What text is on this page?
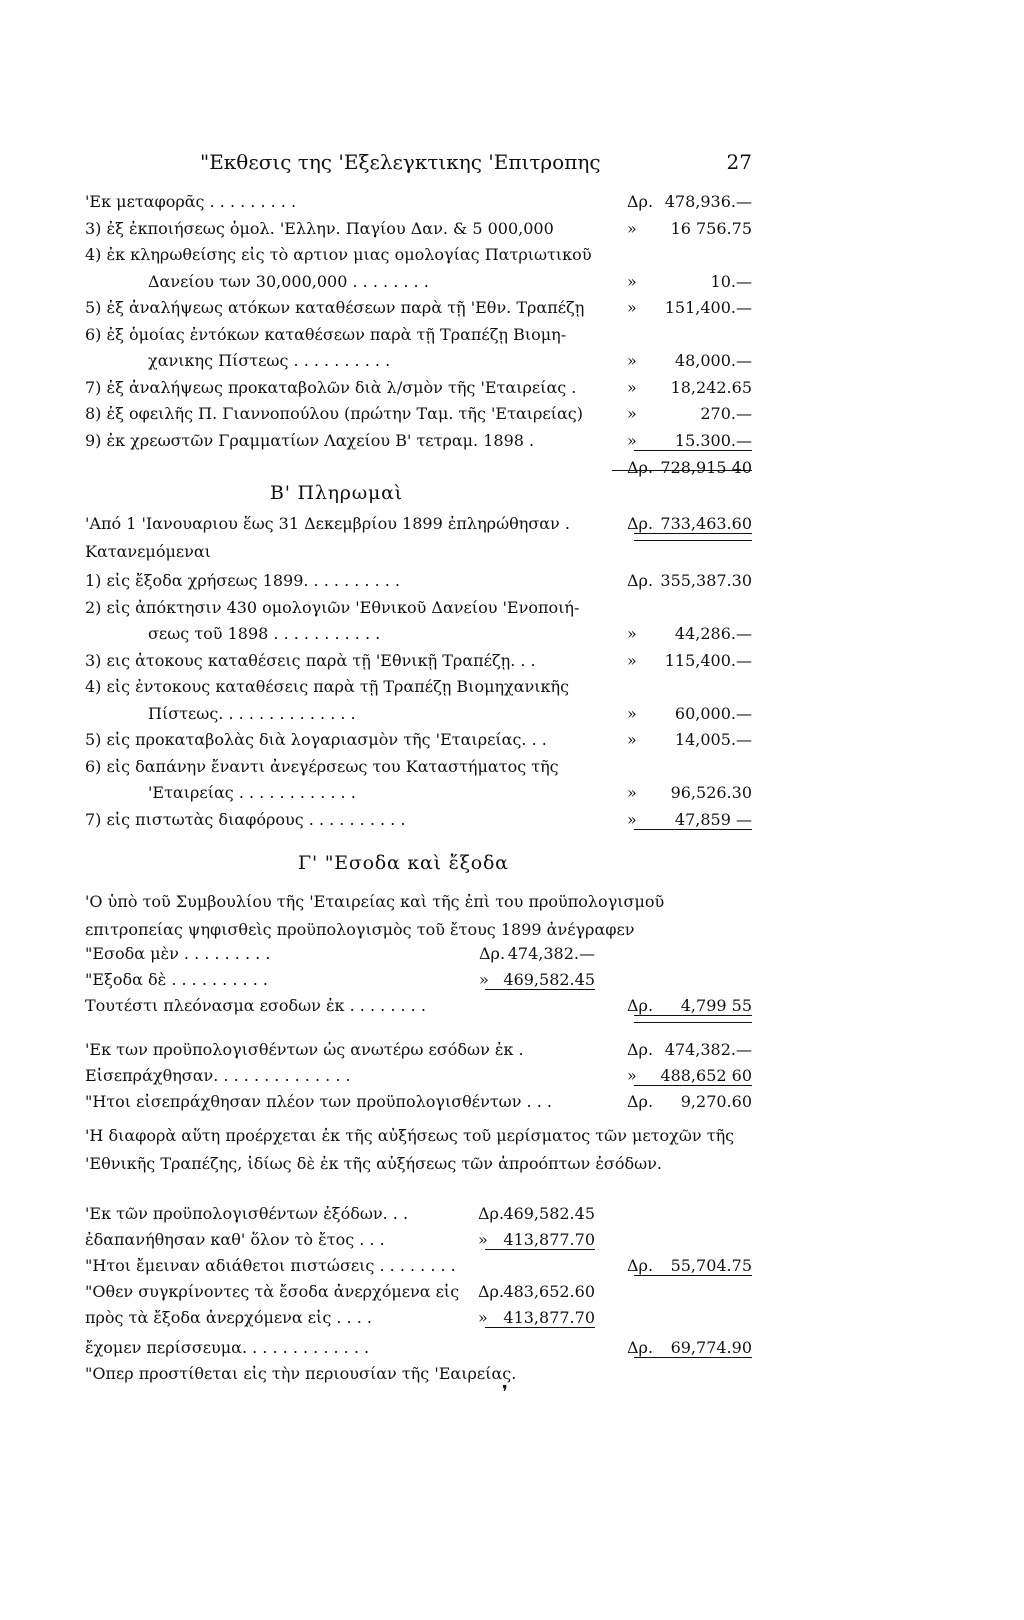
"Εκθεσις της 'Εξελεγκτικης 'Επιτροπης	27
'Εκ μεταφορᾶς . . . . . . . . .	Δρ. 478,936.—
3) ἐξ ἐκποιήσεως ὁμολ. 'Ελλην. Παγίου Δαν. & 5 000,000	»	16 756.75
4) ἐκ κληρωθείσης εἰς τὸ αρτιον μιας ομολογίας Πατριωτικοῦ
Δανείου των 30,000,000 . . . . . . . .	»	10.—
5) ἐξ ἀναλήψεως ατόκων καταθέσεων παρὰ τῇ 'Εθν. Τραπέζῃ	»	151,400.—
6) ἐξ ὁμοίας ἐντόκων καταθέσεων παρὰ τῇ Τραπέζῃ Βιομη-
χανικης Πίστεως . . . . . . . . . .	»	48,000.—
7) ἐξ ἀναλήψεως προκαταβολῶν διὰ λ/σμὸν τῆς 'Εταιρείας .	»	18,242.65
8) ἐξ οφειλῆς Π. Γιαννοπούλου (πρώτην Ταμ. τῆς 'Εταιρείας)	»	270.—
9) ἐκ χρεωστῶν Γραμματίων Λαχείου Β' τετραμ. 1898 .	»	15.300.—
Δρ. 728,915 40
Β' Πληρωμαὶ
'Από 1 'Ιανουαριου ἕως 31 Δεκεμβρίου 1899 ἐπληρώθησαν .	Δρ. 733,463.60
Κατανεμόμεναι
1) εἰς ἔξοδα χρήσεως 1899. . . . . . . . . .	Δρ. 355,387.30
2) εἰς ἀπόκτησιν 430 ομολογιῶν 'Εθνικοῦ Δανείου 'Ενοποιή-
σεως τοῦ 1898 . . . . . . . . . . .	»	44,286.—
3) εις ἀτοκους καταθέσεις παρὰ τῇ 'Εθνικῇ Τραπέζῃ. . .	»	115,400.—
4) εἰς ἐντοκους καταθέσεις παρὰ τῇ Τραπέζῃ Βιομηχανικῆς
Πίστεως. . . . . . . . . . . . . .	»	60,000.—
5) εἰς προκαταβολὰς διὰ λογαριασμὸν τῆς 'Εταιρείας. . .	»	14,005.—
6) εἰς δαπάνην ἔναντι ἀνεγέρσεως του Καταστήματος τῆς
'Εταιρείας . . . . . . . . . . . .	»	96,526.30
7) εἰς πιστωτὰς διαφόρους . . . . . . . . . .	»	47,859 —
Γ' "Εσοδα καὶ ἔξοδα
'Ο ὑπὸ τοῦ Συμβουλίου τῆς 'Εταιρείας καὶ τῆς ἐπὶ του προϋπολογισμοῦ επιτροπείας ψηφισθεὶς προϋπολογισμὸς τοῦ ἔτους 1899 ἀνέγραφεν
"Εσοδα μὲν . . . . . . . . .	Δρ. 474,382.—
"Εξοδα δὲ . . . . . . . . . .	» 469,582.45
Τουτέστι πλεόνασμα εσοδων ἐκ . . . . . . . .	Δρ.	4,799 55
'Εκ των προϋπολογισθέντων ὡς ανωτέρω εσόδων ἐκ .	Δρ. 474,382.—
Εἰσεπράχθησαν. . . . . . . . . . . . . .	»	488,652 60
"Ητοι εἰσεπράχθησαν πλέον των προϋπολογισθέντων . . .	Δρ.	9,270.60
'Η διαφορὰ αὕτη προέρχεται ἐκ τῆς αὐξήσεως τοῦ μερίσματος τῶν μετοχῶν τῆς 'Εθνικῆς Τραπέζης, ἰδίως δὲ ἐκ τῆς αὐξήσεως τῶν ἀπροόπτων ἐσόδων.
'Εκ τῶν προϋπολογισθέντων ἐξόδων. . .	Δρ. 469,582.45
ἐδαπανήθησαν καθ' ὅλον τὸ ἔτος . . .	» 413,877.70
"Ητοι ἔμειναν αδιάθετοι πιστώσεις . . . . . . . .	Δρ.	55,704.75
"Οθεν συγκρίνοντες τὰ ἔσοδα ἀνερχόμενα εἰς Δρ. 483,652.60
πρὸς τὰ ἔξοδα ἀνερχόμενα εἰς . . . .	» 413,877.70
ἔχομεν περίσσευμα. . . . . . . . . . . . .	Δρ.	69,774.90
"Οπερ προστίθεται εἰς τὴν περιουσίαν τῆς 'Εαιρείας.
❜
